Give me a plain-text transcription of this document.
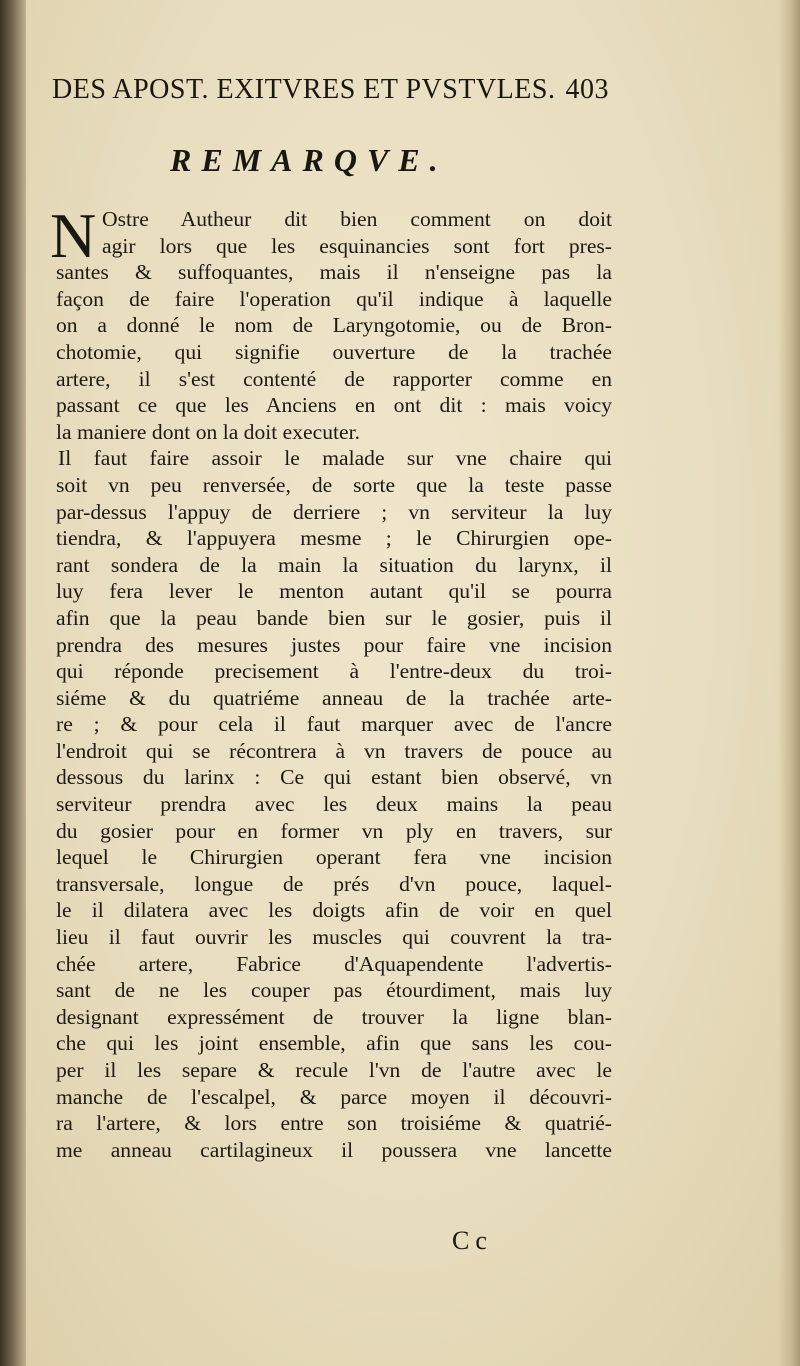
DES APOST. EXITVRES ET PVSTVLES. 403
REMARQVE.
N Ostre Autheur dit bien comment on doit
agir lors que les esquinancies sont fort pres-
santes & suffoquantes, mais il n'enseigne pas la
façon de faire l'operation qu'il indique à laquelle
on a donné le nom de Laryngotomie, ou de Bron-
chotomie, qui signifie ouverture de la trachée
artere, il s'est contenté de rapporter comme en
passant ce que les Anciens en ont dit : mais voicy
la maniere dont on la doit executer.
Il faut faire assoir le malade sur vne chaire qui
soit vn peu renversée, de sorte que la teste passe
par-dessus l'appuy de derriere ; vn serviteur la luy
tiendra, & l'appuyera mesme ; le Chirurgien ope-
rant sondera de la main la situation du larynx, il
luy fera lever le menton autant qu'il se pourra
afin que la peau bande bien sur le gosier, puis il
prendra des mesures justes pour faire vne incision
qui réponde precisement à l'entre-deux du troi-
siéme & du quatriéme anneau de la trachée arte-
re ; & pour cela il faut marquer avec de l'ancre
l'endroit qui se récontrera à vn travers de pouce au
dessous du larinx : Ce qui estant bien observé, vn
serviteur prendra avec les deux mains la peau
du gosier pour en former vn ply en travers, sur
lequel le Chirurgien operant fera vne incision
transversale, longue de prés d'vn pouce, laquel-
le il dilatera avec les doigts afin de voir en quel
lieu il faut ouvrir les muscles qui couvrent la tra-
chée artere, Fabrice d'Aquapendente l'advertis-
sant de ne les couper pas étourdiment, mais luy
designant expressément de trouver la ligne blan-
che qui les joint ensemble, afin que sans les cou-
per il les separe & recule l'vn de l'autre avec le
manche de l'escalpel, & parce moyen il découvri-
ra l'artere, & lors entre son troisiéme & quatrié-
me anneau cartilagineux il poussera vne lancette
Cc
